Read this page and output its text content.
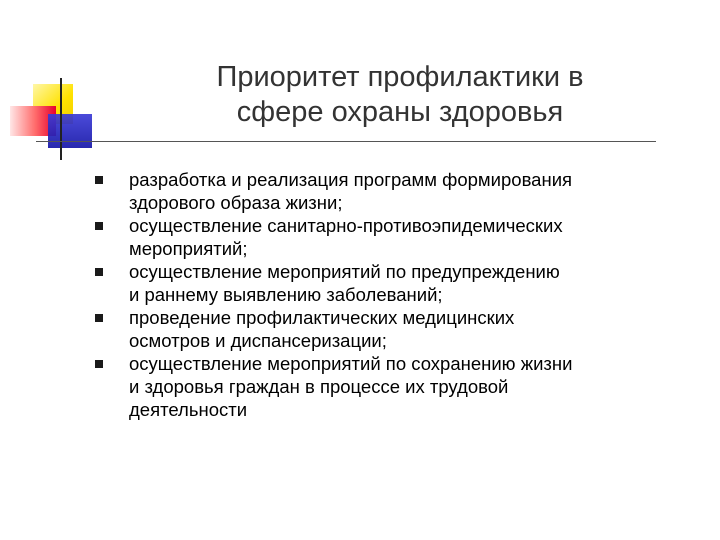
Приоритет профилактики в
сфере охраны здоровья
разработка и реализация программ формирования
здорового образа жизни;
осуществление санитарно-противоэпидемических
мероприятий;
осуществление мероприятий по предупреждению
и раннему выявлению заболеваний;
проведение профилактических медицинских
осмотров и диспансеризации;
осуществление мероприятий по сохранению жизни
и здоровья граждан в процессе их трудовой
деятельности
